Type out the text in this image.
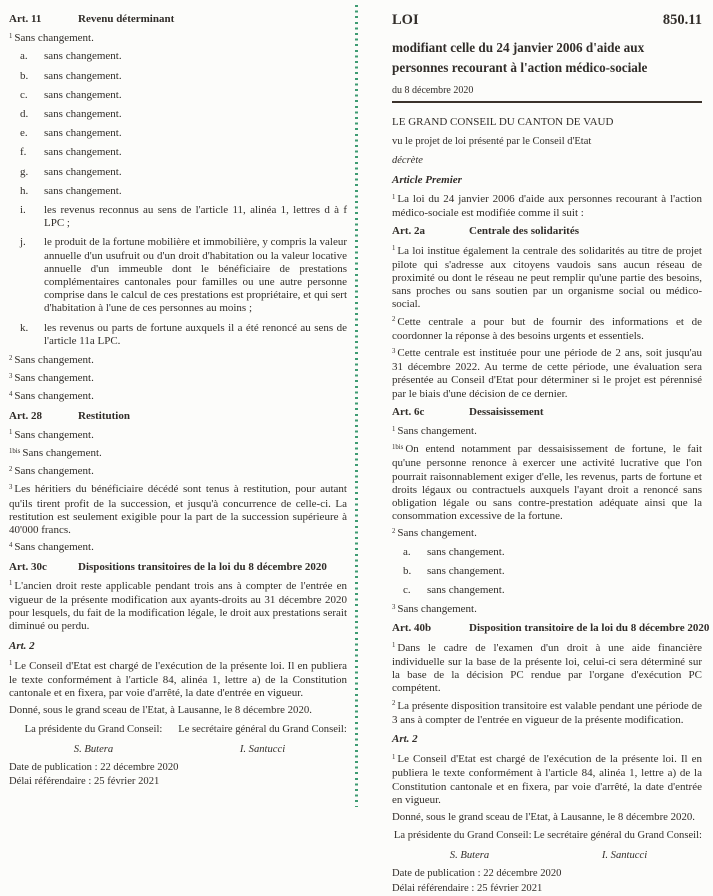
Art. 11	Revenu déterminant

$^1$ Sans changement.

a.	sans changement.
b.	sans changement.
c.	sans changement.
d.	sans changement.
e.	sans changement.
f.	sans changement.
g.	sans changement.
h.	sans changement.
i.	les revenus reconnus au sens de l'article 11, alinéa 1, lettres d à f LPC ;
j.	le produit de la fortune mobilière et immobilière, y compris la valeur annuelle d'un usufruit ou d'un droit d'habitation ou la valeur locative annuelle d'un immeuble dont le bénéficiaire de prestations complémentaires cantonales pour familles ou une autre personne comprise dans le calcul de ces prestations est propriétaire, et qui sert d'habitation à l'une de ces personnes au moins ;
k.	les revenus ou parts de fortune auxquels il a été renoncé au sens de l'article 11a LPC.

$^2$ Sans changement.

$^3$ Sans changement.

$^4$ Sans changement.

Art. 28	Restitution

$^1$ Sans changement.

$^{1bis}$ Sans changement.

$^2$ Sans changement.

$^3$ Les héritiers du bénéficiaire décédé sont tenus à restitution, pour autant qu'ils tirent profit de la succession, et jusqu'à concurrence de celle-ci. La restitution est seulement exigible pour la part de la succession supérieure à 40'000 francs.

$^4$ Sans changement.

Art. 30c	Dispositions transitoires de la loi du 8 décembre 2020

$^1$ L'ancien droit reste applicable pendant trois ans à compter de l'entrée en vigueur de la présente modification aux ayants-droits au 31 décembre 2020 pour lesquels, du fait de la modification légale, le droit aux prestations serait diminué ou perdu.

Art. 2

$^1$ Le Conseil d'Etat est chargé de l'exécution de la présente loi. Il en publiera le texte conformément à l'article 84, alinéa 1, lettre a) de la Constitution cantonale et en fixera, par voie d'arrêté, la date d'entrée en vigueur.

Donné, sous le grand sceau de l'Etat, à Lausanne, le 8 décembre 2020.

La présidente du Grand Conseil:	Le secrétaire général du Grand Conseil:
S. Butera	I. Santucci

Date de publication : 22 décembre 2020

Délai référendaire : 25 février 2021

LOI	850.11
modifiant celle du 24 janvier 2006 d'aide aux personnes recourant à l'action médico-sociale
du 8 décembre 2020
LE GRAND CONSEIL DU CANTON DE VAUD
vu le projet de loi présenté par le Conseil d'Etat
décrète
Article Premier

$^1$ La loi du 24 janvier 2006 d'aide aux personnes recourant à l'action médico-sociale est modifiée comme il suit :

Art. 2a	Centrale des solidarités

$^1$ La loi institue également la centrale des solidarités au titre de projet pilote qui s'adresse aux citoyens vaudois sans aucun réseau de proximité ou dont le réseau ne peut remplir qu'une partie des besoins, sans proches ou sans soutien par un organisme social ou médico-social.

$^2$ Cette centrale a pour but de fournir des informations et de coordonner la réponse à des besoins urgents et essentiels.

$^3$ Cette centrale est instituée pour une période de 2 ans, soit jusqu'au 31 décembre 2022. Au terme de cette période, une évaluation sera présentée au Conseil d'Etat pour déterminer si le projet est pérennisé par le biais d'une décision de ce dernier.

Art. 6c	Dessaisissement

$^1$ Sans changement.

$^{1bis}$ On entend notamment par dessaisissement de fortune, le fait qu'une personne renonce à exercer une activité lucrative que l'on pourrait raisonnablement exiger d'elle, les revenus, parts de fortune et droits légaux ou contractuels auxquels l'ayant droit a renoncé sans obligation légale ou sans contre-prestation adéquate ainsi que la consommation excessive de la fortune.

$^2$ Sans changement.

a.	sans changement.
b.	sans changement.
c.	sans changement.

$^3$ Sans changement.

Art. 40b	Disposition transitoire de la loi du 8 décembre 2020

$^1$ Dans le cadre de l'examen d'un droit à une aide financière individuelle sur la base de la présente loi, celui-ci sera déterminé sur la base de la décision PC rendue par l'organe d'exécution PC compétent.

$^2$ La présente disposition transitoire est valable pendant une période de 3 ans à compter de l'entrée en vigueur de la présente modification.

Art. 2

$^1$ Le Conseil d'Etat est chargé de l'exécution de la présente loi. Il en publiera le texte conformément à l'article 84, alinéa 1, lettre a) de la Constitution cantonale et en fixera, par voie d'arrêté, la date d'entrée en vigueur.

Donné, sous le grand sceau de l'Etat, à Lausanne, le 8 décembre 2020.

La présidente du Grand Conseil: Le secrétaire général du Grand Conseil:
S. Butera	I. Santucci

Date de publication : 22 décembre 2020

Délai référendaire : 25 février 2021
